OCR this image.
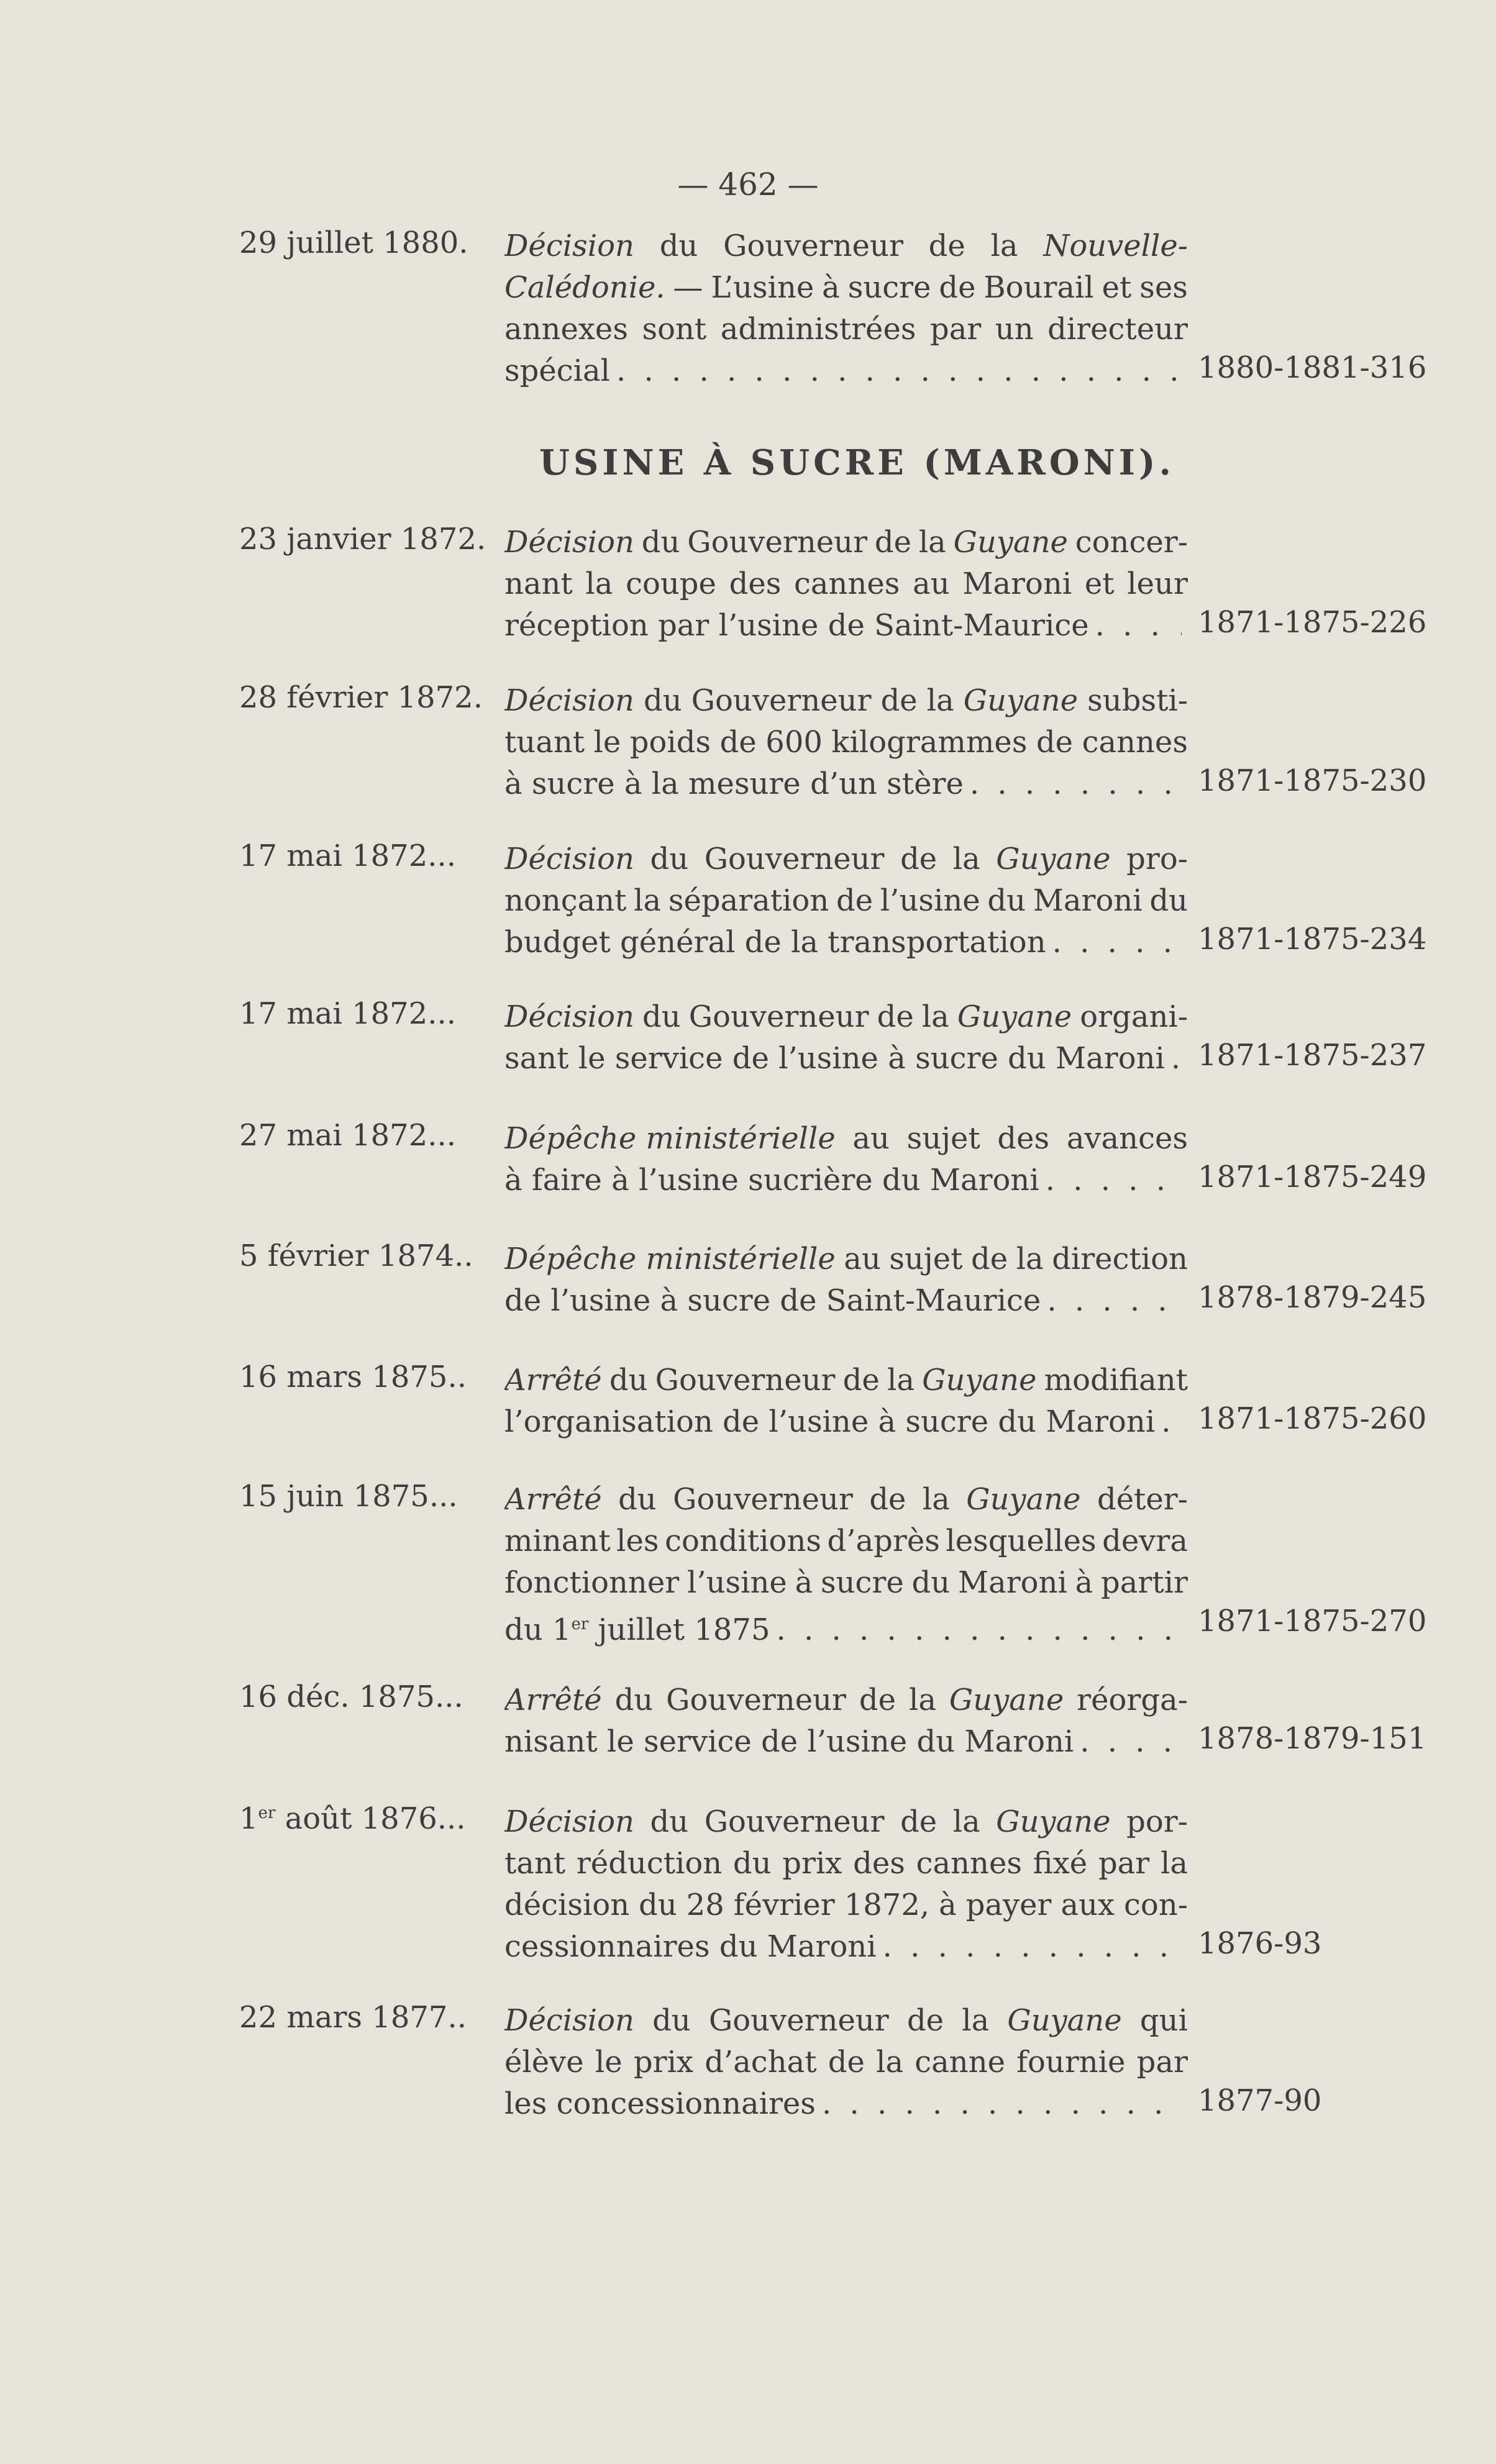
— 462 —
USINE À SUCRE (MARONI).
29 juillet 1880. Décision du Gouverneur de la Nouvelle-
Calédonie. — L’usine à sucre de Bourail et ses
annexes sont administrées par un directeur
spécial . . .	1880-1881-316
23 janvier 1872. Décision du Gouverneur de la Guyane concer-
nant la coupe des cannes au Maroni et leur
réception par l’usine de Saint-Maurice . . .	1871-1875-226
28 février 1872. Décision du Gouverneur de la Guyane substi-
tuant le poids de 600 kilogrammes de cannes
à sucre à la mesure d’un stère . . .	1871-1875-230
17 mai 1872... Décision du Gouverneur de la Guyane pro-
nonçant la séparation de l’usine du Maroni du
budget général de la transportation . . .	1871-1875-234
17 mai 1872... Décision du Gouverneur de la Guyane organi-
sant le service de l’usine à sucre du Maroni . . . 1871-1875-237
27 mai 1872... Dépêche ministérielle au sujet des avances
à faire à l’usine sucrière du Maroni . . .	1871-1875-249
5 février 1874.. Dépêche ministérielle au sujet de la direction
de l’usine à sucre de Saint-Maurice . . .	1878-1879-245
16 mars 1875.. Arrêté du Gouverneur de la Guyane modifiant
l’organisation de l’usine à sucre du Maroni . . . 1871-1875-260
15 juin 1875... Arrêté du Gouverneur de la Guyane déter-
minant les conditions d’après lesquelles devra
fonctionner l’usine à sucre du Maroni à partir
du 1er juillet 1875 . . .	1871-1875-270
16 déc. 1875... Arrêté du Gouverneur de la Guyane réorga-
nisant le service de l’usine du Maroni . . .	1878-1879-151
1er août 1876... Décision du Gouverneur de la Guyane por-
tant réduction du prix des cannes fixé par la
décision du 28 février 1872, à payer aux con-
cessionnaires du Maroni . . .	1876-93
22 mars 1877.. Décision du Gouverneur de la Guyane qui
élève le prix d’achat de la canne fournie par
les concessionnaires . . .	1877-90
